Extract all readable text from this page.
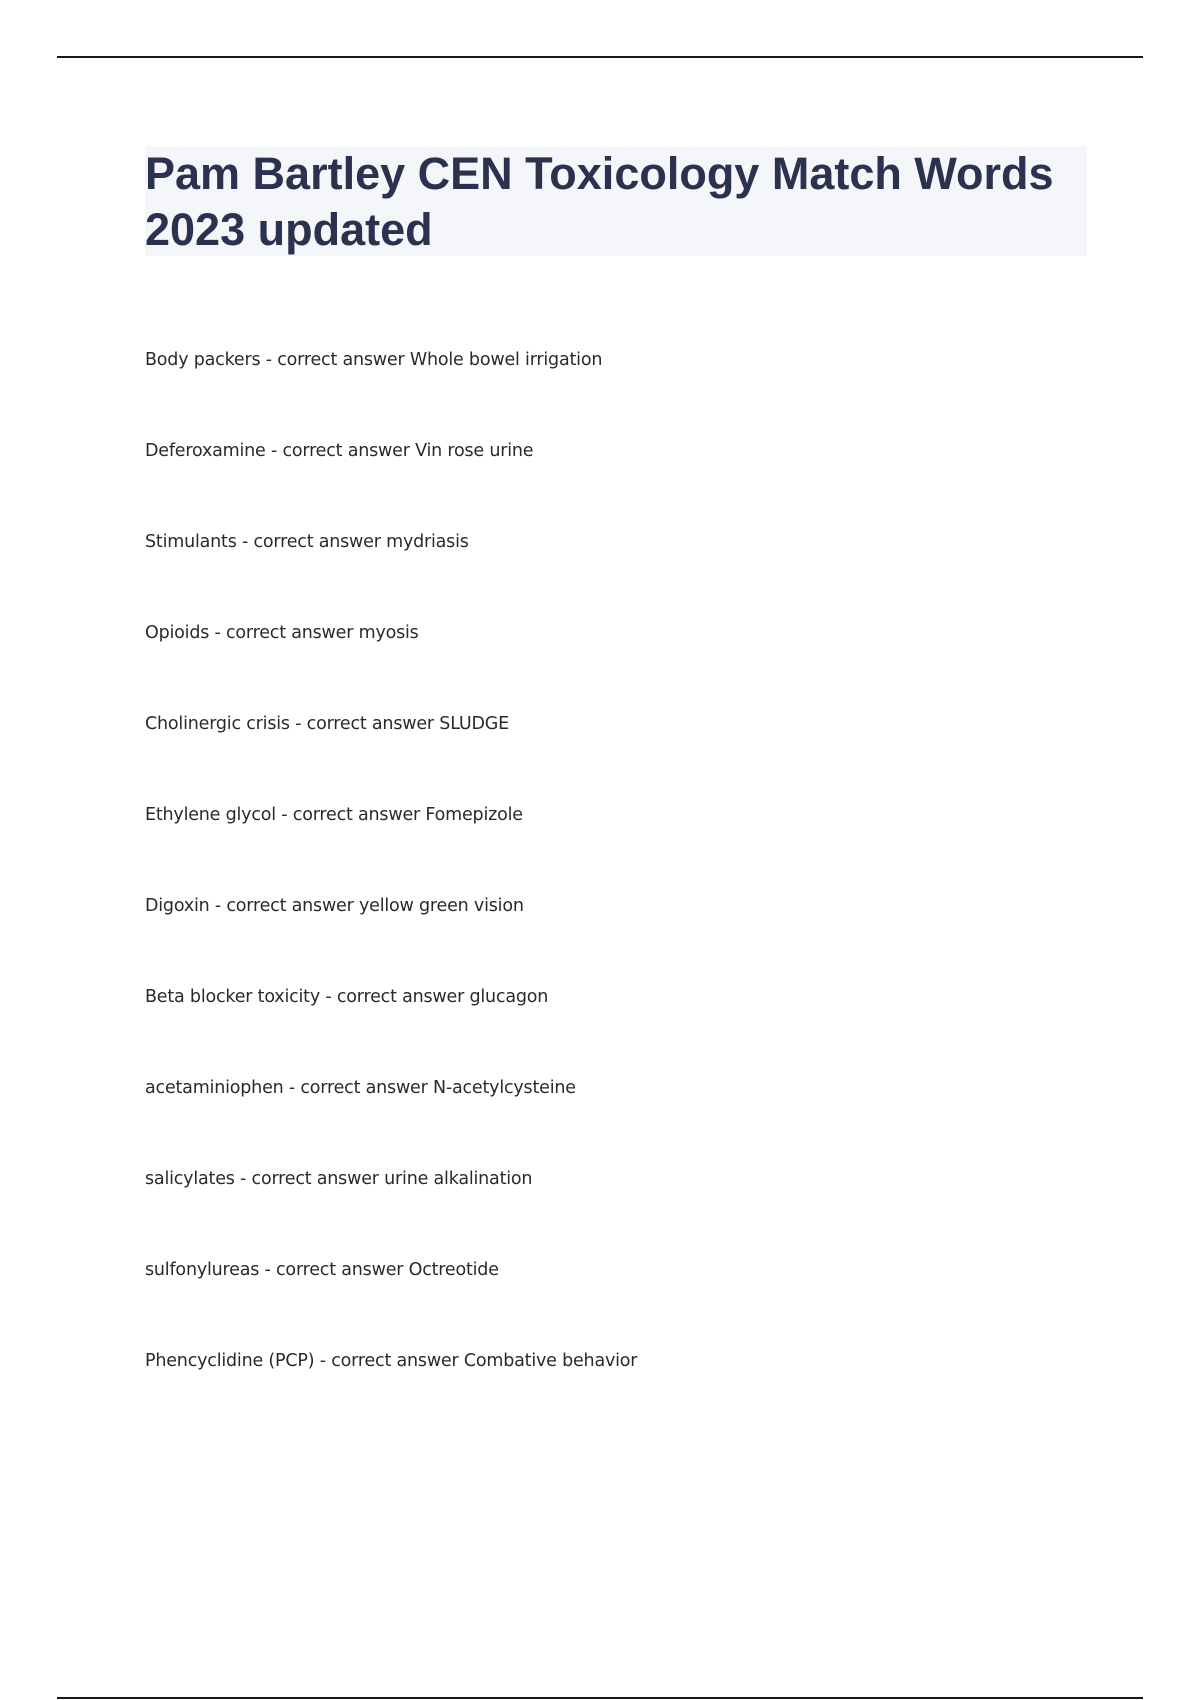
Pam Bartley CEN Toxicology Match Words 2023 updated
Body packers - correct answer Whole bowel irrigation
Deferoxamine - correct answer Vin rose urine
Stimulants - correct answer mydriasis
Opioids - correct answer myosis
Cholinergic crisis - correct answer SLUDGE
Ethylene glycol - correct answer Fomepizole
Digoxin - correct answer yellow green vision
Beta blocker toxicity - correct answer glucagon
acetaminiophen - correct answer N-acetylcysteine
salicylates - correct answer urine alkalination
sulfonylureas - correct answer Octreotide
Phencyclidine (PCP) - correct answer Combative behavior
